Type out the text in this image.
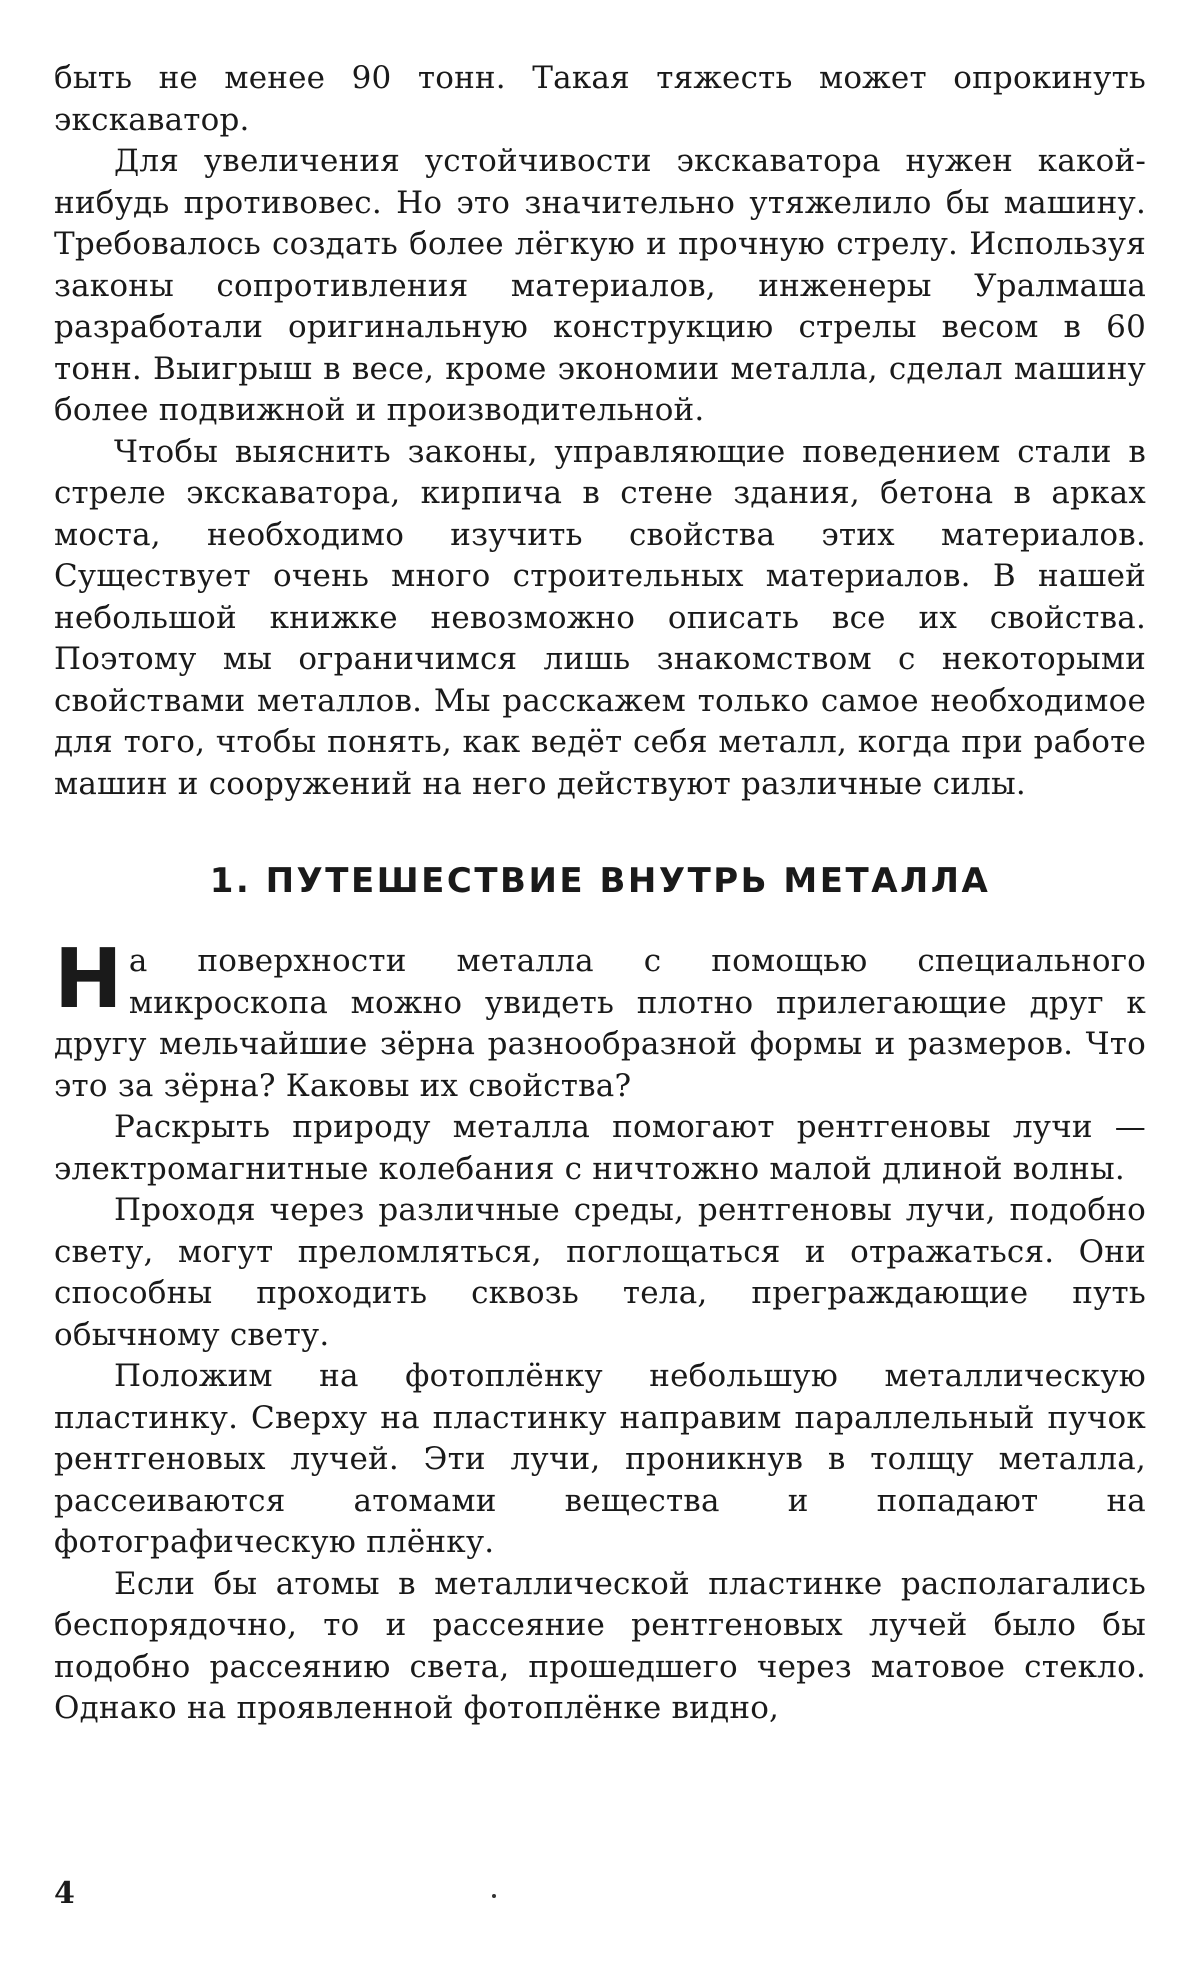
быть не менее 90 тонн. Такая тяжесть может опрокинуть экскаватор.

Для увеличения устойчивости экскаватора нужен какой-нибудь противовес. Но это значительно утяжелило бы машину. Требовалось создать более лёгкую и прочную стрелу. Используя законы сопротивления материалов, инженеры Уралмаша разработали оригинальную конструкцию стрелы весом в 60 тонн. Выигрыш в весе, кроме экономии металла, сделал машину более подвижной и производительной.

Чтобы выяснить законы, управляющие поведением стали в стреле экскаватора, кирпича в стене здания, бетона в арках моста, необходимо изучить свойства этих материалов. Существует очень много строительных материалов. В нашей небольшой книжке невозможно описать все их свойства. Поэтому мы ограничимся лишь знакомством с некоторыми свойствами металлов. Мы расскажем только самое необходимое для того, чтобы понять, как ведёт себя металл, когда при работе машин и сооружений на него действуют различные силы.

1. ПУТЕШЕСТВИЕ ВНУТРЬ МЕТАЛЛА

На поверхности металла с помощью специального микроскопа можно увидеть плотно прилегающие друг к другу мельчайшие зёрна разнообразной формы и размеров. Что это за зёрна? Каковы их свойства?

Раскрыть природу металла помогают рентгеновы лучи — электромагнитные колебания с ничтожно малой длиной волны.

Проходя через различные среды, рентгеновы лучи, подобно свету, могут преломляться, поглощаться и отражаться. Они способны проходить сквозь тела, преграждающие путь обычному свету.

Положим на фотоплёнку небольшую металлическую пластинку. Сверху на пластинку направим параллельный пучок рентгеновых лучей. Эти лучи, проникнув в толщу металла, рассеиваются атомами вещества и попадают на фотографическую плёнку.

Если бы атомы в металлической пластинке располагались беспорядочно, то и рассеяние рентгеновых лучей было бы подобно рассеянию света, прошедшего через матовое стекло. Однако на проявленной фотоплёнке видно,

4
